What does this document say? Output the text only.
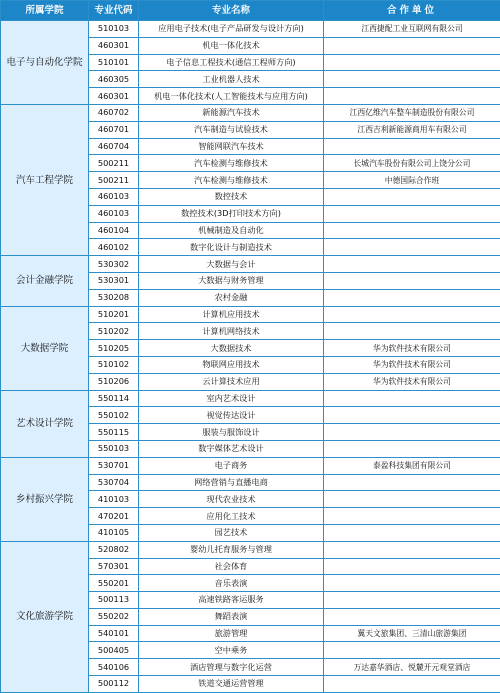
所属学院	专业代码	专业名称	合作单位
电子与自动化学院	510103	应用电子技术(电子产品研发与设计方向)	江西捷配工业互联网有限公司
	460301	机电一体化技术	
	510101	电子信息工程技术(通信工程师方向)	
	460305	工业机器人技术	
	460301	机电一体化技术(人工智能技术与应用方向)	
汽车工程学院	460702	新能源汽车技术	江西亿维汽车整车制造股份有限公司
	460701	汽车制造与试验技术	江西吉利新能源商用车有限公司
	460704	智能网联汽车技术	
	500211	汽车检测与维修技术	长城汽车股份有限公司上饶分公司
	500211	汽车检测与维修技术	中德国际合作班
	460103	数控技术	
	460103	数控技术(3D打印技术方向)	
	460104	机械制造及自动化	
	460102	数字化设计与制造技术	
会计金融学院	530302	大数据与会计	
	530301	大数据与财务管理	
	530208	农村金融	
大数据学院	510201	计算机应用技术	
	510202	计算机网络技术	
	510205	大数据技术	华为软件技术有限公司
	510102	物联网应用技术	华为软件技术有限公司
	510206	云计算技术应用	华为软件技术有限公司
艺术设计学院	550114	室内艺术设计	
	550102	视觉传达设计	
	550115	服装与服饰设计	
	550103	数字媒体艺术设计	
乡村振兴学院	530701	电子商务	泰盈科技集团有限公司
	530704	网络营销与直播电商	
	410103	现代农业技术	
	470201	应用化工技术	
	410105	园艺技术	
文化旅游学院	520802	婴幼儿托育服务与管理	
	570301	社会体育	
	550201	音乐表演	
	500113	高速铁路客运服务	
	550202	舞蹈表演	
	540101	旅游管理	翼天文旅集团、三清山旅游集团
	500405	空中乘务	
	540106	酒店管理与数字化运营	万达嘉华酒店、悦麓开元观堂酒店
	500112	铁道交通运营管理	
